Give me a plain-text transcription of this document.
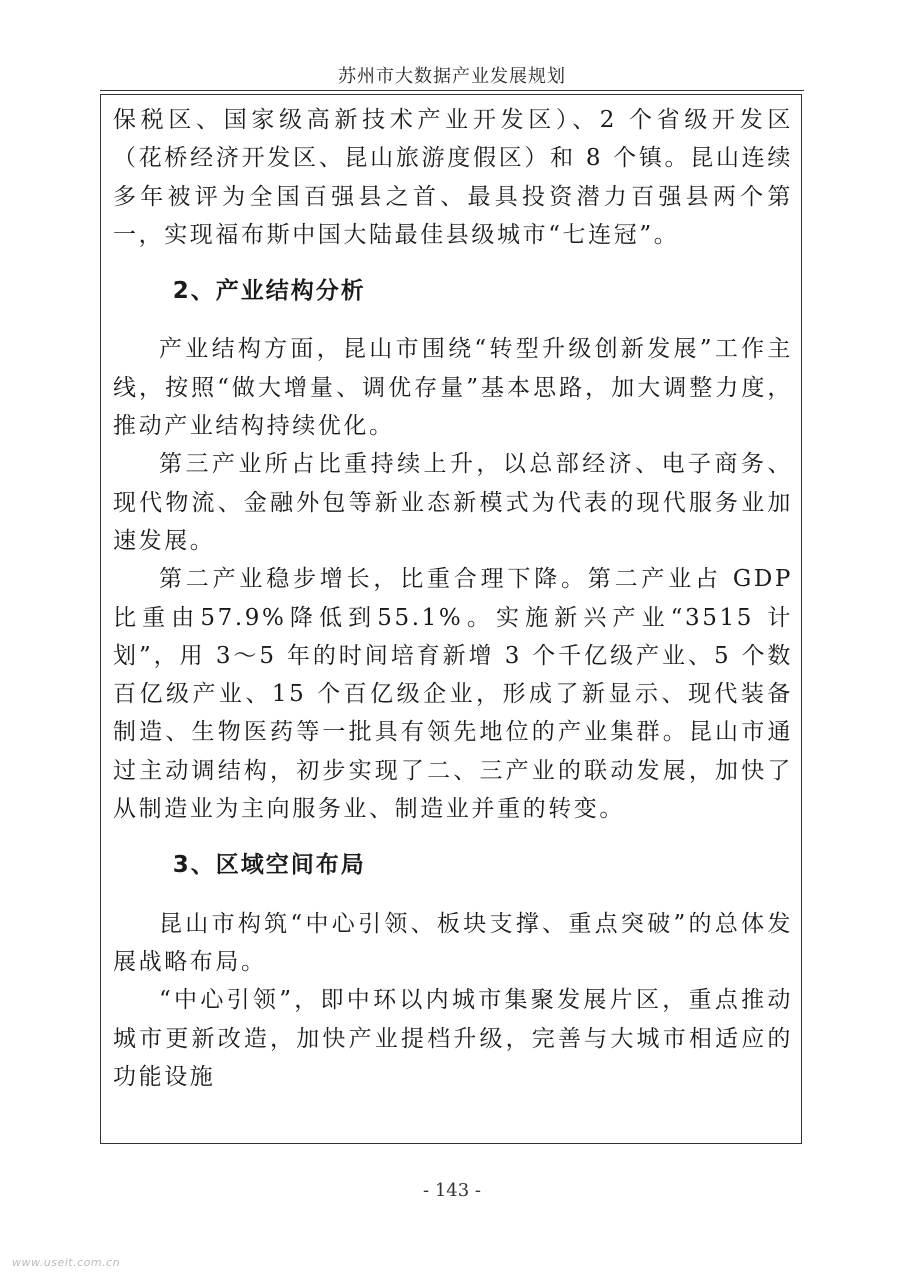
苏州市大数据产业发展规划

保税区、国家级高新技术产业开发区）、2 个省级开发区（花桥经济开发区、昆山旅游度假区）和 8 个镇。昆山连续多年被评为全国百强县之首、最具投资潜力百强县两个第一，实现福布斯中国大陆最佳县级城市“七连冠”。

2、产业结构分析

产业结构方面，昆山市围绕“转型升级创新发展”工作主线，按照“做大增量、调优存量”基本思路，加大调整力度，推动产业结构持续优化。

第三产业所占比重持续上升，以总部经济、电子商务、现代物流、金融外包等新业态新模式为代表的现代服务业加速发展。

第二产业稳步增长，比重合理下降。第二产业占 GDP 比重由57.9%降低到55.1%。实施新兴产业“3515 计划”，用 3～5 年的时间培育新增 3 个千亿级产业、5 个数百亿级产业、15 个百亿级企业，形成了新显示、现代装备制造、生物医药等一批具有领先地位的产业集群。昆山市通过主动调结构，初步实现了二、三产业的联动发展，加快了从制造业为主向服务业、制造业并重的转变。

3、区域空间布局

昆山市构筑“中心引领、板块支撑、重点突破”的总体发展战略布局。

“中心引领”，即中环以内城市集聚发展片区，重点推动城市更新改造，加快产业提档升级，完善与大城市相适应的功能设施

- 143 -
www.useit.com.cn
